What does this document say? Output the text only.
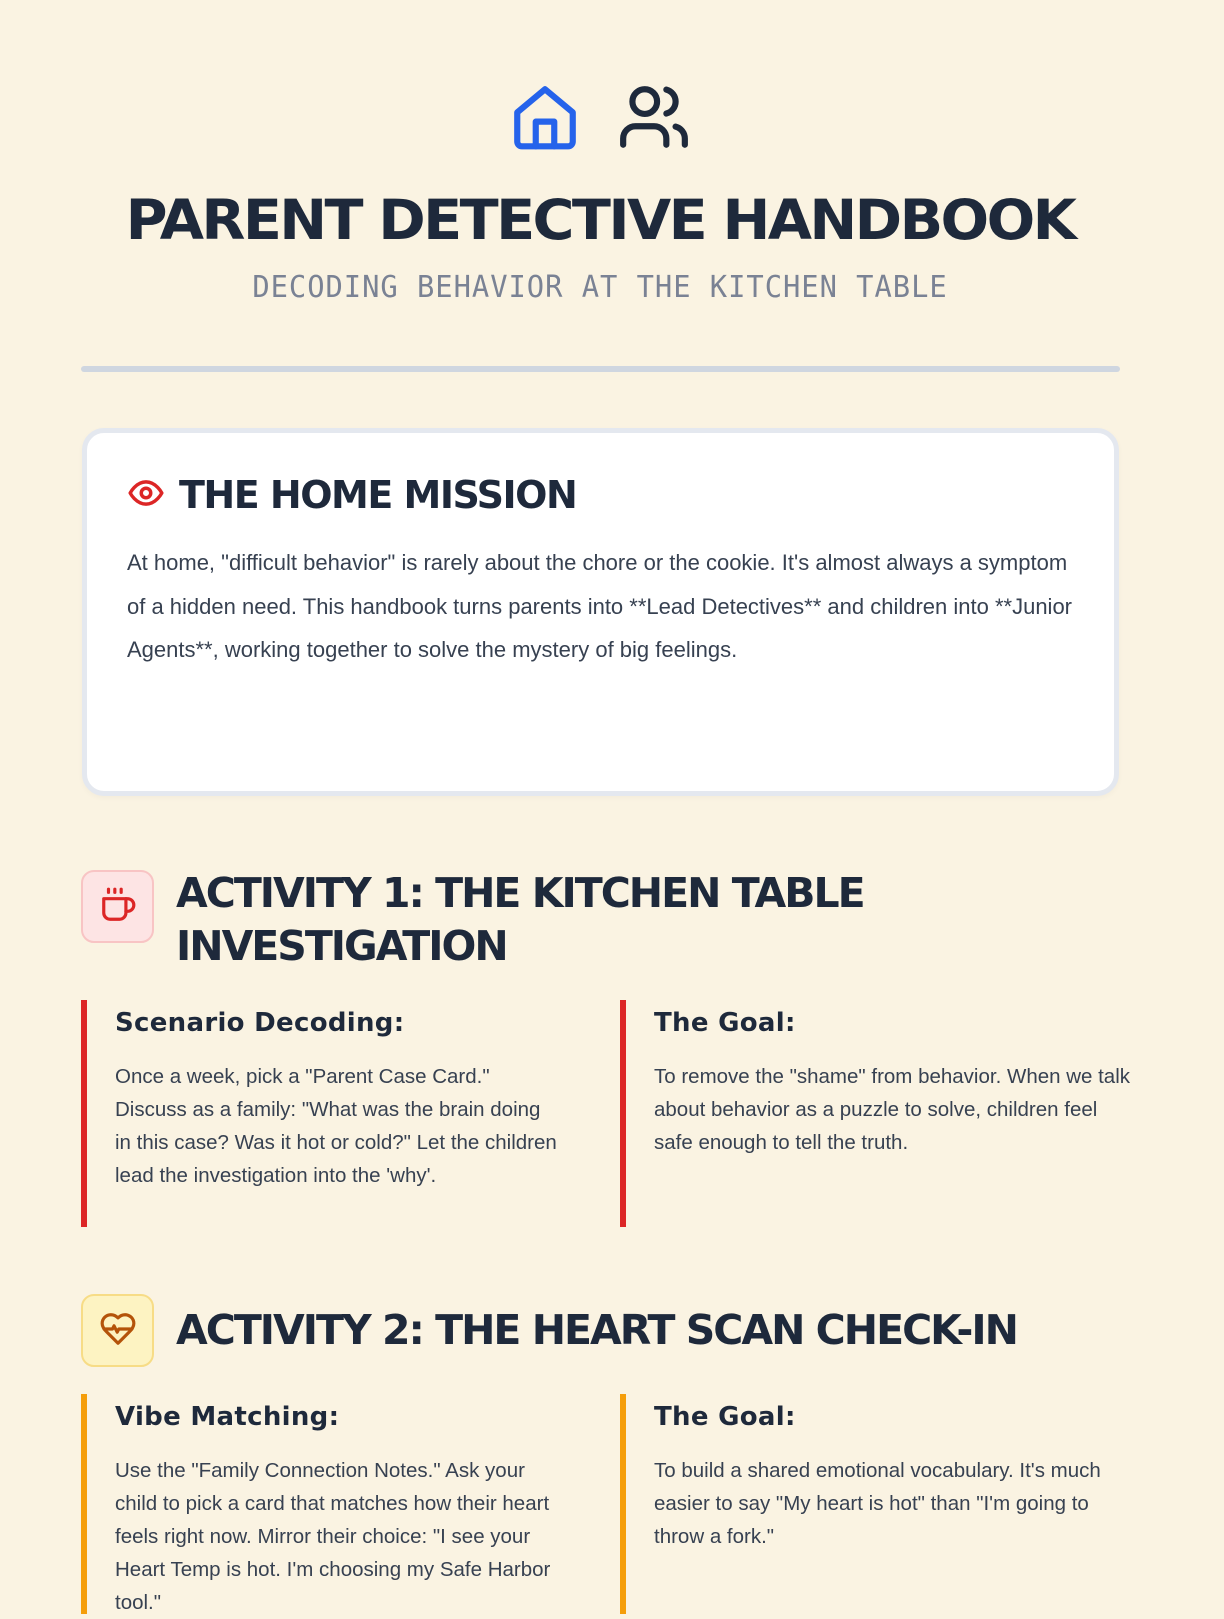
PARENT DETECTIVE HANDBOOK
DECODING BEHAVIOR AT THE KITCHEN TABLE
THE HOME MISSION

At home, "difficult behavior" is rarely about the chore or the cookie. It's almost always a symptom of a hidden need. This handbook turns parents into **Lead Detectives** and children into **Junior Agents**, working together to solve the mystery of big feelings.

ACTIVITY 1: THE KITCHEN TABLE INVESTIGATION
Scenario Decoding:

Once a week, pick a "Parent Case Card." Discuss as a family: "What was the brain doing in this case? Was it hot or cold?" Let the children lead the investigation into the 'why'.

The Goal:

To remove the "shame" from behavior. When we talk about behavior as a puzzle to solve, children feel safe enough to tell the truth.

ACTIVITY 2: THE HEART SCAN CHECK-IN
Vibe Matching:

Use the "Family Connection Notes." Ask your child to pick a card that matches how their heart feels right now. Mirror their choice: "I see your Heart Temp is hot. I'm choosing my Safe Harbor tool."

The Goal:

To build a shared emotional vocabulary. It's much easier to say "My heart is hot" than "I'm going to throw a fork."
